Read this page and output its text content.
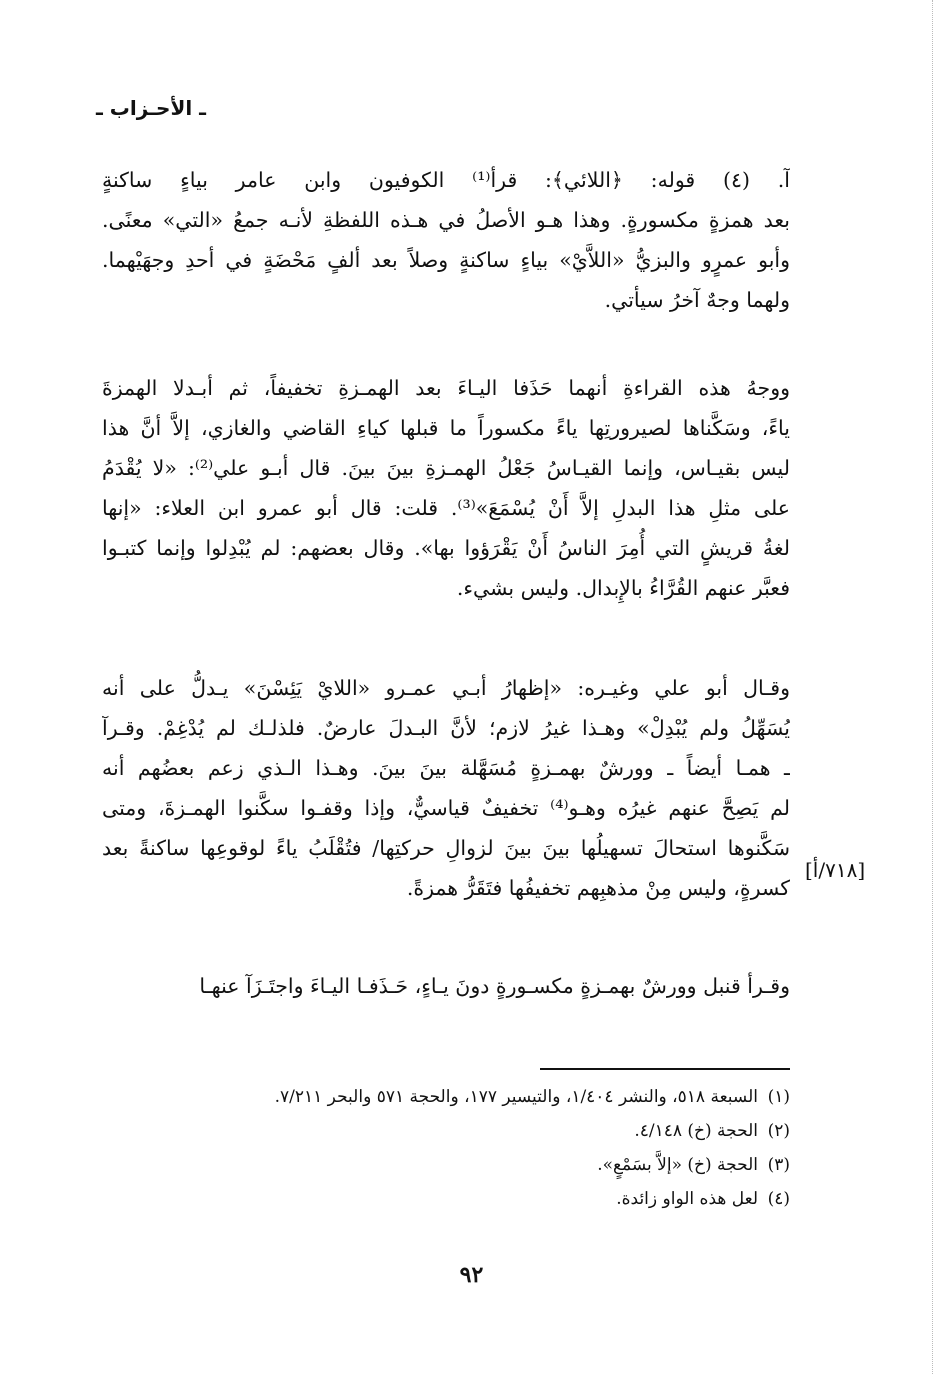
ـ الأحـزاب ـ
آ. (٤) قوله: ﴿اللائي﴾: قرأ⁽¹⁾ الكوفيون وابن عامر بياءٍ ساكنةٍ
بعد همزةٍ مكسورةٍ. وهذا هـو الأصلُ في هـذه اللفظةِ لأنـه جمعُ «التي» معنًى.
وأبو عمرٍو والبزيُّ «اللاَّيْ» بياءٍ ساكنةٍ وصلاً بعد ألفٍ مَحْضَةٍ في أحدِ وجهَيْهما.
ولهما وجهٌ آخرُ سيأتي.
ووجهُ هذه القراءةِ أنهما حَذَفا اليـاءَ بعد الهمـزةِ تخفيفاً، ثم أبـدلا الهمزةَ
ياءً، وسَكَّناها لصيرورتِها ياءً مكسوراً ما قبلها كياءِ القاضي والغازي، إلاَّ أنَّ هذا
ليس بقيـاس، وإنما القيـاسُ جَعْلُ الهمـزةِ بينَ بينَ. قال أبـو علي⁽²⁾: «لا يُقْدَمُ
على مثلِ هذا البدلِ إلاَّ أَنْ يُسْمَعَ»⁽³⁾. قلت: قال أبو عمرو ابن العلاء: «إنها
لغةُ قريشٍ التي أُمِرَ الناسُ أَنْ يَقْرَؤوا بها». وقال بعضهم: لم يُبْدِلوا وإنما كتبـوا
فعبَّر عنهم القُرَّاءُ بالإِبدال. وليس بشيء.
وقـال أبو علي وغيـره: «إظهارُ أبـي عمـرو «اللايْ يَئِسْنَ» يـدلُّ على أنه
يُسَهِّلُ ولم يُبْدِلْ» وهـذا غيرُ لازم؛ لأنَّ البـدلَ عارضٌ. فلذلـك لم يُدْغِمْ. وقـرآ
ـ همـا أيضاً ـ وورشٌ بهمـزةٍ مُسَهَّلة بينَ بينَ. وهـذا الـذي زعم بعضُهم أنه
لم يَصِحَّ عنهم غيرُه وهـو⁽⁴⁾ تخفيفٌ قياسيٌّ، وإذا وقفـوا سكَّنوا الهمـزةَ، ومتى
سَكَّنوها استحالَ تسهيلُها بينَ بينَ لزوالِ حركتِها/ فتُقْلَبُ ياءً لوقوعِها ساكنةً بعد
كسرةٍ، وليس مِنْ مذهبِهم تخفيفُها فتَقَرُّ همزةً.
وقـرأ قنبل وورشٌ بهمـزةٍ مكسـورةٍ دونَ يـاءٍ، حَـذَفـا اليـاءَ واجتَـزَآ عنهـا
[٧١٨/أ]
(١)السبعة ٥١٨، والنشر ١/٤٠٤، والتيسير ١٧٧، والحجة ٥٧١ والبحر ٧/٢١١.
(٢)الحجة (خ) ٤/١٤٨.
(٣)الحجة (خ) «إلاَّ بسَمْعٍ».
(٤)لعل هذه الواو زائدة.
٩٢
